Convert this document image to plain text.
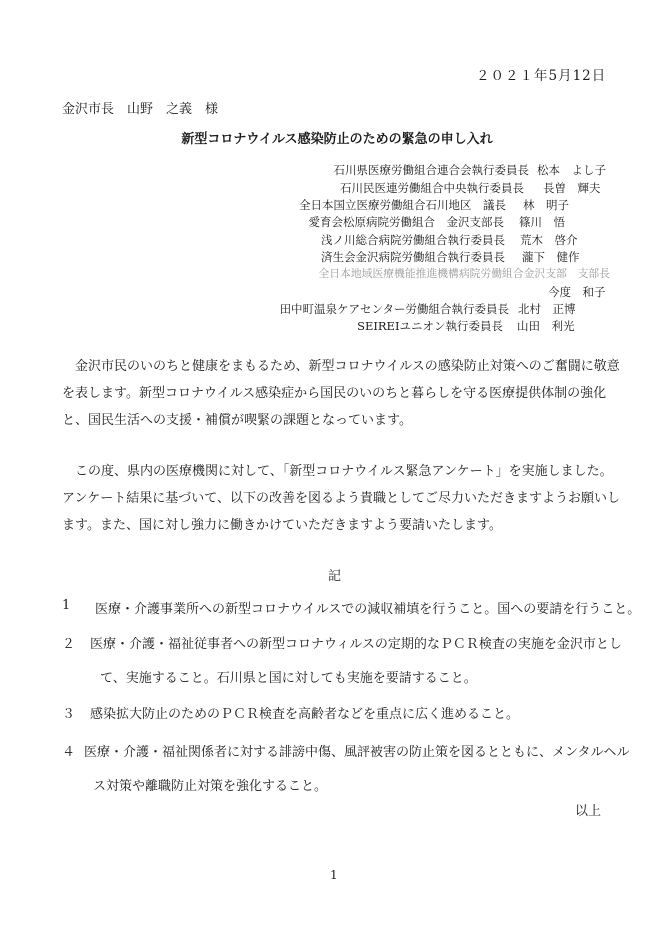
２０２１年5月12日
金沢市長　山野　之義　様
新型コロナウイルス感染防止のための緊急の申し入れ
石川県医療労働組合連合会執行委員長 松本　よし子
石川民医連労働組合中央執行委員長 長曽　輝夫
全日本国立医療労働組合石川地区　議長 林　明子
愛育会松原病院労働組合　金沢支部長 篠川　悟
浅ノ川総合病院労働組合執行委員長 荒木　啓介
済生会金沢病院労働組合執行委員長 瀧下　健作
全日本地域医療機能推進機構病院労働組合金沢支部　支部長
今度　和子
田中町温泉ケアセンター労働組合執行委員長 北村　正博
SEIREIユニオン執行委員長 山田　利光
金沢市民のいのちと健康をまもるため、新型コロナウイルスの感染防止対策へのご奮闘に敬意を表します。新型コロナウイルス感染症から国民のいのちと暮らしを守る医療提供体制の強化と、国民生活への支援・補償が喫緊の課題となっています。
この度、県内の医療機関に対して、「新型コロナウイルス緊急アンケート」を実施しました。アンケート結果に基づいて、以下の改善を図るよう貴職としてご尽力いただきますようお願いします。また、国に対し強力に働きかけていただきますよう要請いたします。
記
1 医療・介護事業所への新型コロナウイルスでの減収補填を行うこと。国への要請を行うこと。
２ 医療・介護・福祉従事者への新型コロナウィルスの定期的なＰＣＲ検査の実施を金沢市とし
て、実施すること。石川県と国に対しても実施を要請すること。
３ 感染拡大防止のためのＰＣＲ検査を高齢者などを重点に広く進めること。
４ 医療・介護・福祉関係者に対する誹謗中傷、風評被害の防止策を図るとともに、メンタルヘル
ス対策や離職防止対策を強化すること。
以上
1
